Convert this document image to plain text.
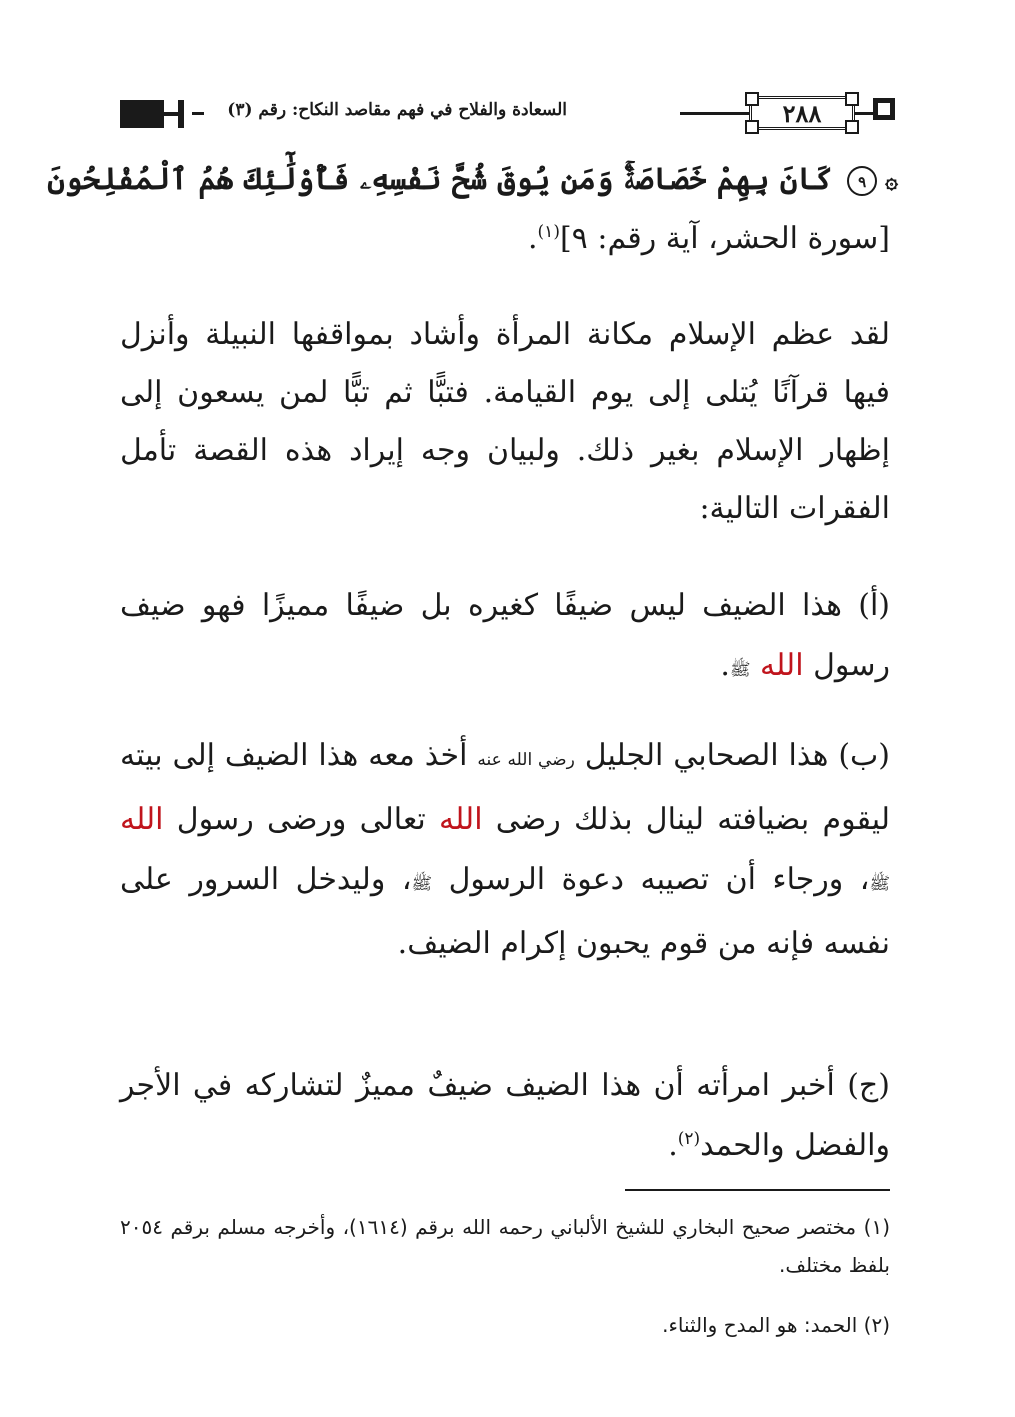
السعادة والفلاح في فهم مقاصد النكاح: رقم (٣)	٢٨٨
۞٩ كَانَ بِهِمْ خَصَاصَةٌۚ وَمَن يُوقَ شُحَّ نَفْسِهِۦ فَأُوْلَٰٓئِكَ هُمُ ٱلْمُفْلِحُونَ
[سورة الحشر، آية رقم: ٩]$^{(١)}$.
لقد عظم الإسلام مكانة المرأة وأشاد بمواقفها النبيلة وأنزل فيها قرآنًا يُتلى إلى يوم القيامة. فتبًّا ثم تبًّا لمن يسعون إلى إظهار الإسلام بغير ذلك. ولبيان وجه إيراد هذه القصة تأمل الفقرات التالية:
(أ) هذا الضيف ليس ضيفًا كغيره بل ضيفًا مميزًا فهو ضيف رسول الله ﷺ.
(ب) هذا الصحابي الجليل رضي الله عنه أخذ معه هذا الضيف إلى بيته ليقوم بضيافته لينال بذلك رضى الله تعالى ورضى رسول الله ﷺ، ورجاء أن تصيبه دعوة الرسول ﷺ، وليدخل السرور على نفسه فإنه من قوم يحبون إكرام الضيف.
(ج) أخبر امرأته أن هذا الضيف ضيفٌ مميزٌ لتشاركه في الأجر والفضل والحمد$^{(٢)}$.
(١) مختصر صحيح البخاري للشيخ الألباني رحمه الله برقم (١٦١٤)، وأخرجه مسلم برقم ٢٠٥٤ بلفظ مختلف.
(٢) الحمد: هو المدح والثناء.
